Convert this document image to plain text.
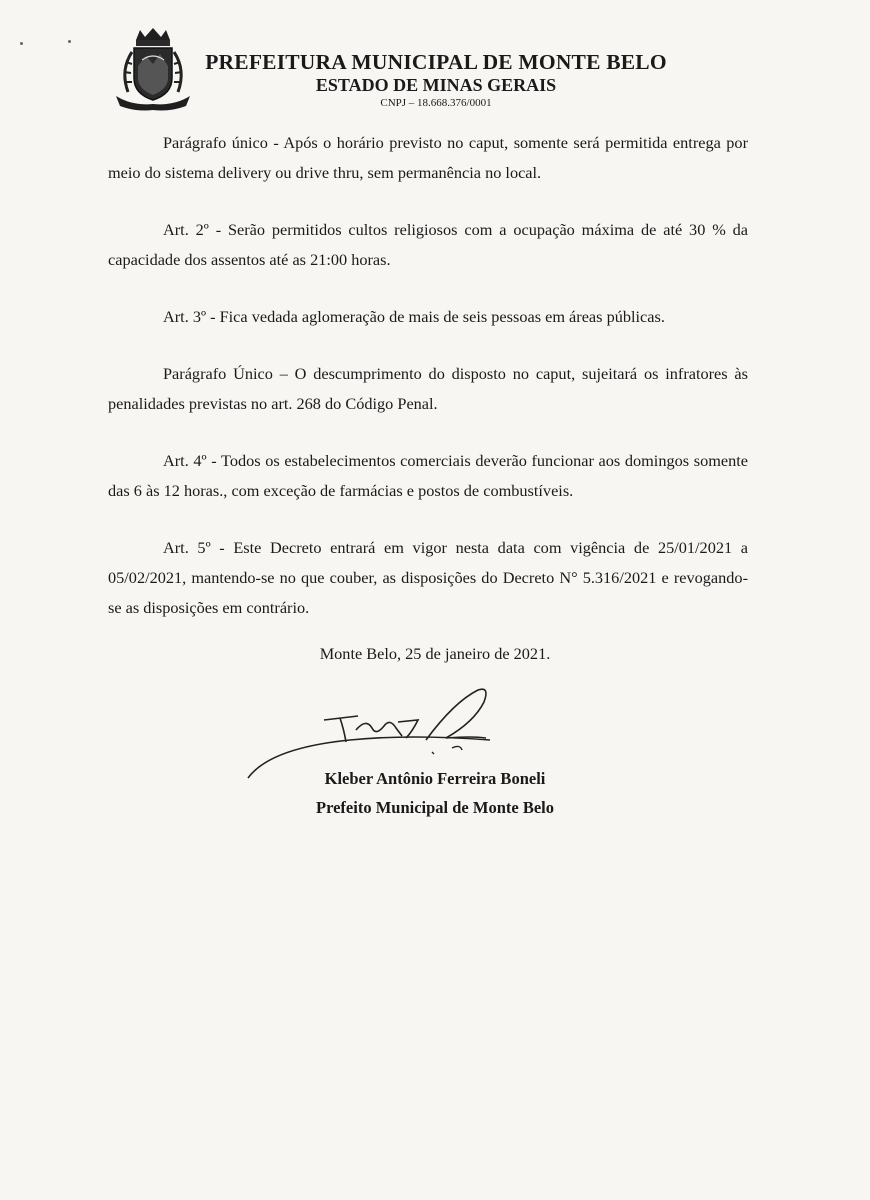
PREFEITURA MUNICIPAL DE MONTE BELO
ESTADO DE MINAS GERAIS
CNPJ – 18.668.376/0001

Parágrafo único - Após o horário previsto no caput, somente será permitida entrega por meio do sistema delivery ou drive thru, sem permanência no local.

Art. 2º - Serão permitidos cultos religiosos com a ocupação máxima de até 30 % da capacidade dos assentos até as 21:00 horas.

Art. 3º - Fica vedada aglomeração de mais de seis pessoas em áreas públicas.

Parágrafo Único – O descumprimento do disposto no caput, sujeitará os infratores às penalidades previstas no art. 268 do Código Penal.

Art. 4º - Todos os estabelecimentos comerciais deverão funcionar aos domingos somente das 6 às 12 horas., com exceção de farmácias e postos de combustíveis.

Art. 5º - Este Decreto entrará em vigor nesta data com vigência de 25/01/2021 a 05/02/2021, mantendo-se no que couber, as disposições do Decreto N° 5.316/2021 e revogando-se as disposições em contrário.

Monte Belo, 25 de janeiro de 2021.
Kleber Antônio Ferreira Boneli
Prefeito Municipal de Monte Belo
